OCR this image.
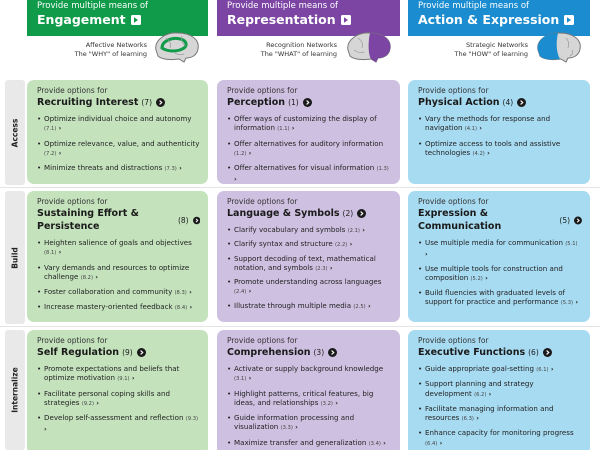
Provide multiple means of
Engagement
Affective Networks
The "WHY" of learning
Provide multiple means of
Representation
Recognition Networks
The "WHAT" of learning
Provide multiple means of
Action & Expression
Strategic Networks
The "HOW" of learning
Access
Build
Internalize
Provide options for
Recruiting Interest (7)
• Optimize individual choice and autonomy (7.1) ›
• Optimize relevance, value, and authenticity (7.2) ›
• Minimize threats and distractions (7.3) ›
Provide options for
Perception (1)
• Offer ways of customizing the display of information (1.1) ›
• Offer alternatives for auditory information (1.2) ›
• Offer alternatives for visual information (1.3) ›
Provide options for
Physical Action (4)
• Vary the methods for response and navigation (4.1) ›
• Optimize access to tools and assistive technologies (4.2) ›
Provide options for
Sustaining Effort & Persistence
(8)
• Heighten salience of goals and objectives (8.1) ›
• Vary demands and resources to optimize challenge (8.2) ›
• Foster collaboration and community (8.3) ›
• Increase mastery-oriented feedback (8.4) ›
Provide options for
Language & Symbols (2)
• Clarify vocabulary and symbols (2.1) ›
• Clarify syntax and structure (2.2) ›
• Support decoding of text, mathematical notation, and symbols (2.3) ›
• Promote understanding across languages (2.4) ›
• Illustrate through multiple media (2.5) ›
Provide options for
Expression & Communication
(5)
• Use multiple media for communication (5.1) ›
• Use multiple tools for construction and composition (5.2) ›
• Build fluencies with graduated levels of support for practice and performance (5.3) ›
Provide options for
Self Regulation (9)
• Promote expectations and beliefs that optimize motivation (9.1) ›
• Facilitate personal coping skills and strategies (9.2) ›
• Develop self-assessment and reflection (9.3) ›
Provide options for
Comprehension (3)
• Activate or supply background knowledge (3.1) ›
• Highlight patterns, critical features, big ideas, and relationships (3.2) ›
• Guide information processing and visualization (3.3) ›
• Maximize transfer and generalization (3.4) ›
Provide options for
Executive Functions (6)
• Guide appropriate goal-setting (6.1) ›
• Support planning and strategy development (6.2) ›
• Facilitate managing information and resources (6.3) ›
• Enhance capacity for monitoring progress (6.4) ›
